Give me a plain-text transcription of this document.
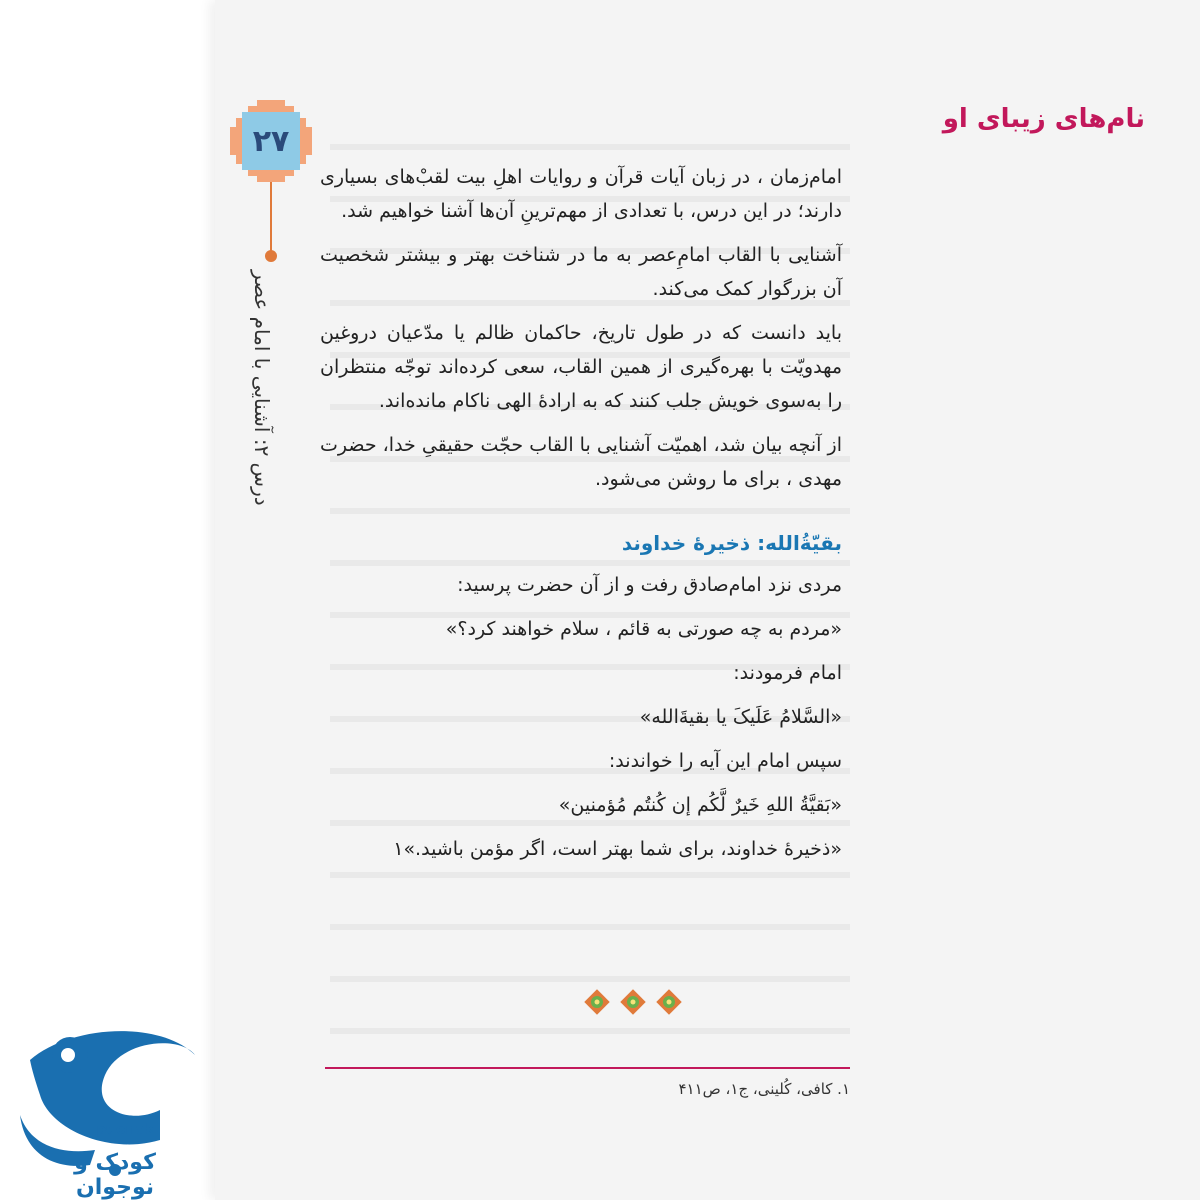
۲۷
درس ۲: آشنایی با امام عصر
نام‌های زیبای او

امام‌زمان ، در زبان آیات قرآن و روایات اهلِ بیت لقبْ‌های بسیاری دارند؛ در این درس، با تعدادی از مهم‌ترینِ آن‌ها آشنا خواهیم شد.

آشنایی با القاب امامِ‌عصر به ما در شناخت بهتر و بیشتر شخصیت آن بزرگوار کمک می‌کند.

باید دانست که در طول تاریخ، حاکمان ظالم یا مدّعیان دروغین مهدویّت با بهره‌گیری از همین القاب، سعی کرده‌اند توجّه منتظران را به‌سوی خویش جلب کنند که به ارادۀ الهی ناکام مانده‌اند.

از آنچه بیان شد، اهمیّت آشنایی با القاب حجّت حقیقیِ خدا، حضرت مهدی ، برای ما روشن می‌شود.

بقیّةُالله: ذخیرۀ خداوند

مردی نزد امام‌صادق رفت و از آن حضرت پرسید:

«مردم به چه صورتی به قائم ، سلام خواهند کرد؟»

امام فرمودند:

«السَّلامُ عَلَیکَ یا بقیةَالله»

سپس امام این آیه را خواندند:

«بَقیَّةُ اللهِ خَیرٌ لَّکُم إن کُنتُم مُؤمنین»

«ذخیرۀ خداوند، برای شما بهتر است، اگر مؤمن باشید.»۱

۱. کافی، کُلینی، ج۱، ص۴۱۱
puonak
کودک و نوجوان
